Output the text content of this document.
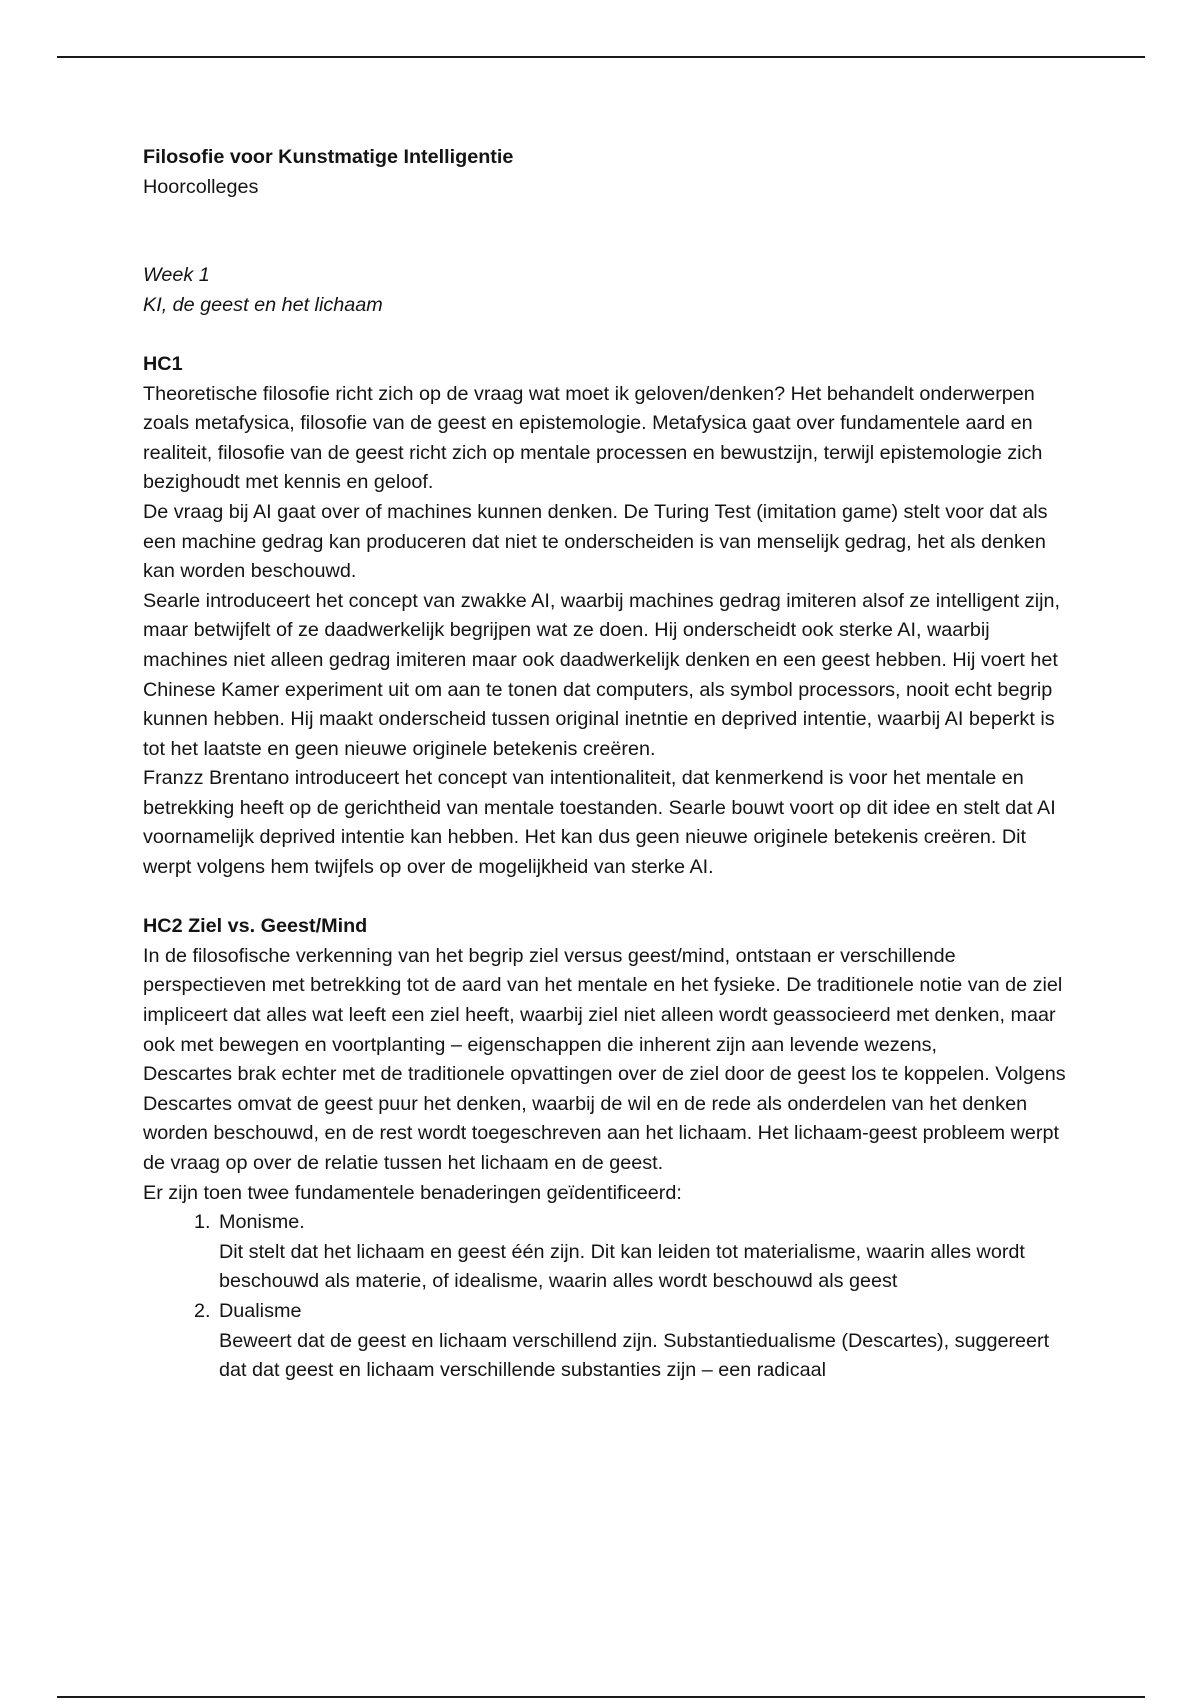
Filosofie voor Kunstmatige Intelligentie

Hoorcolleges

Week 1

KI, de geest en het lichaam

HC1

Theoretische filosofie richt zich op de vraag wat moet ik geloven/denken? Het behandelt onderwerpen zoals metafysica, filosofie van de geest en epistemologie. Metafysica gaat over fundamentele aard en realiteit, filosofie van de geest richt zich op mentale processen en bewustzijn, terwijl epistemologie zich bezighoudt met kennis en geloof.

De vraag bij AI gaat over of machines kunnen denken. De Turing Test (imitation game) stelt voor dat als een machine gedrag kan produceren dat niet te onderscheiden is van menselijk gedrag, het als denken kan worden beschouwd.

Searle introduceert het concept van zwakke AI, waarbij machines gedrag imiteren alsof ze intelligent zijn, maar betwijfelt of ze daadwerkelijk begrijpen wat ze doen. Hij onderscheidt ook sterke AI, waarbij machines niet alleen gedrag imiteren maar ook daadwerkelijk denken en een geest hebben. Hij voert het Chinese Kamer experiment uit om aan te tonen dat computers, als symbol processors, nooit echt begrip kunnen hebben. Hij maakt onderscheid tussen original inetntie en deprived intentie, waarbij AI beperkt is tot het laatste en geen nieuwe originele betekenis creëren.

Franzz Brentano introduceert het concept van intentionaliteit, dat kenmerkend is voor het mentale en betrekking heeft op de gerichtheid van mentale toestanden. Searle bouwt voort op dit idee en stelt dat AI voornamelijk deprived intentie kan hebben. Het kan dus geen nieuwe originele betekenis creëren. Dit werpt volgens hem twijfels op over de mogelijkheid van sterke AI.

HC2 Ziel vs. Geest/Mind

In de filosofische verkenning van het begrip ziel versus geest/mind, ontstaan er verschillende perspectieven met betrekking tot de aard van het mentale en het fysieke. De traditionele notie van de ziel impliceert dat alles wat leeft een ziel heeft, waarbij ziel niet alleen wordt geassocieerd met denken, maar ook met bewegen en voortplanting – eigenschappen die inherent zijn aan levende wezens,

Descartes brak echter met de traditionele opvattingen over de ziel door de geest los te koppelen. Volgens Descartes omvat de geest puur het denken, waarbij de wil en de rede als onderdelen van het denken worden beschouwd, en de rest wordt toegeschreven aan het lichaam. Het lichaam-geest probleem werpt de vraag op over de relatie tussen het lichaam en de geest.

Er zijn toen twee fundamentele benaderingen geïdentificeerd:

1. Monisme.
Dit stelt dat het lichaam en geest één zijn. Dit kan leiden tot materialisme, waarin alles wordt beschouwd als materie, of idealisme, waarin alles wordt beschouwd als geest
2. Dualisme
Beweert dat de geest en lichaam verschillend zijn. Substantiedualisme (Descartes), suggereert dat dat geest en lichaam verschillende substanties zijn – een radicaal
